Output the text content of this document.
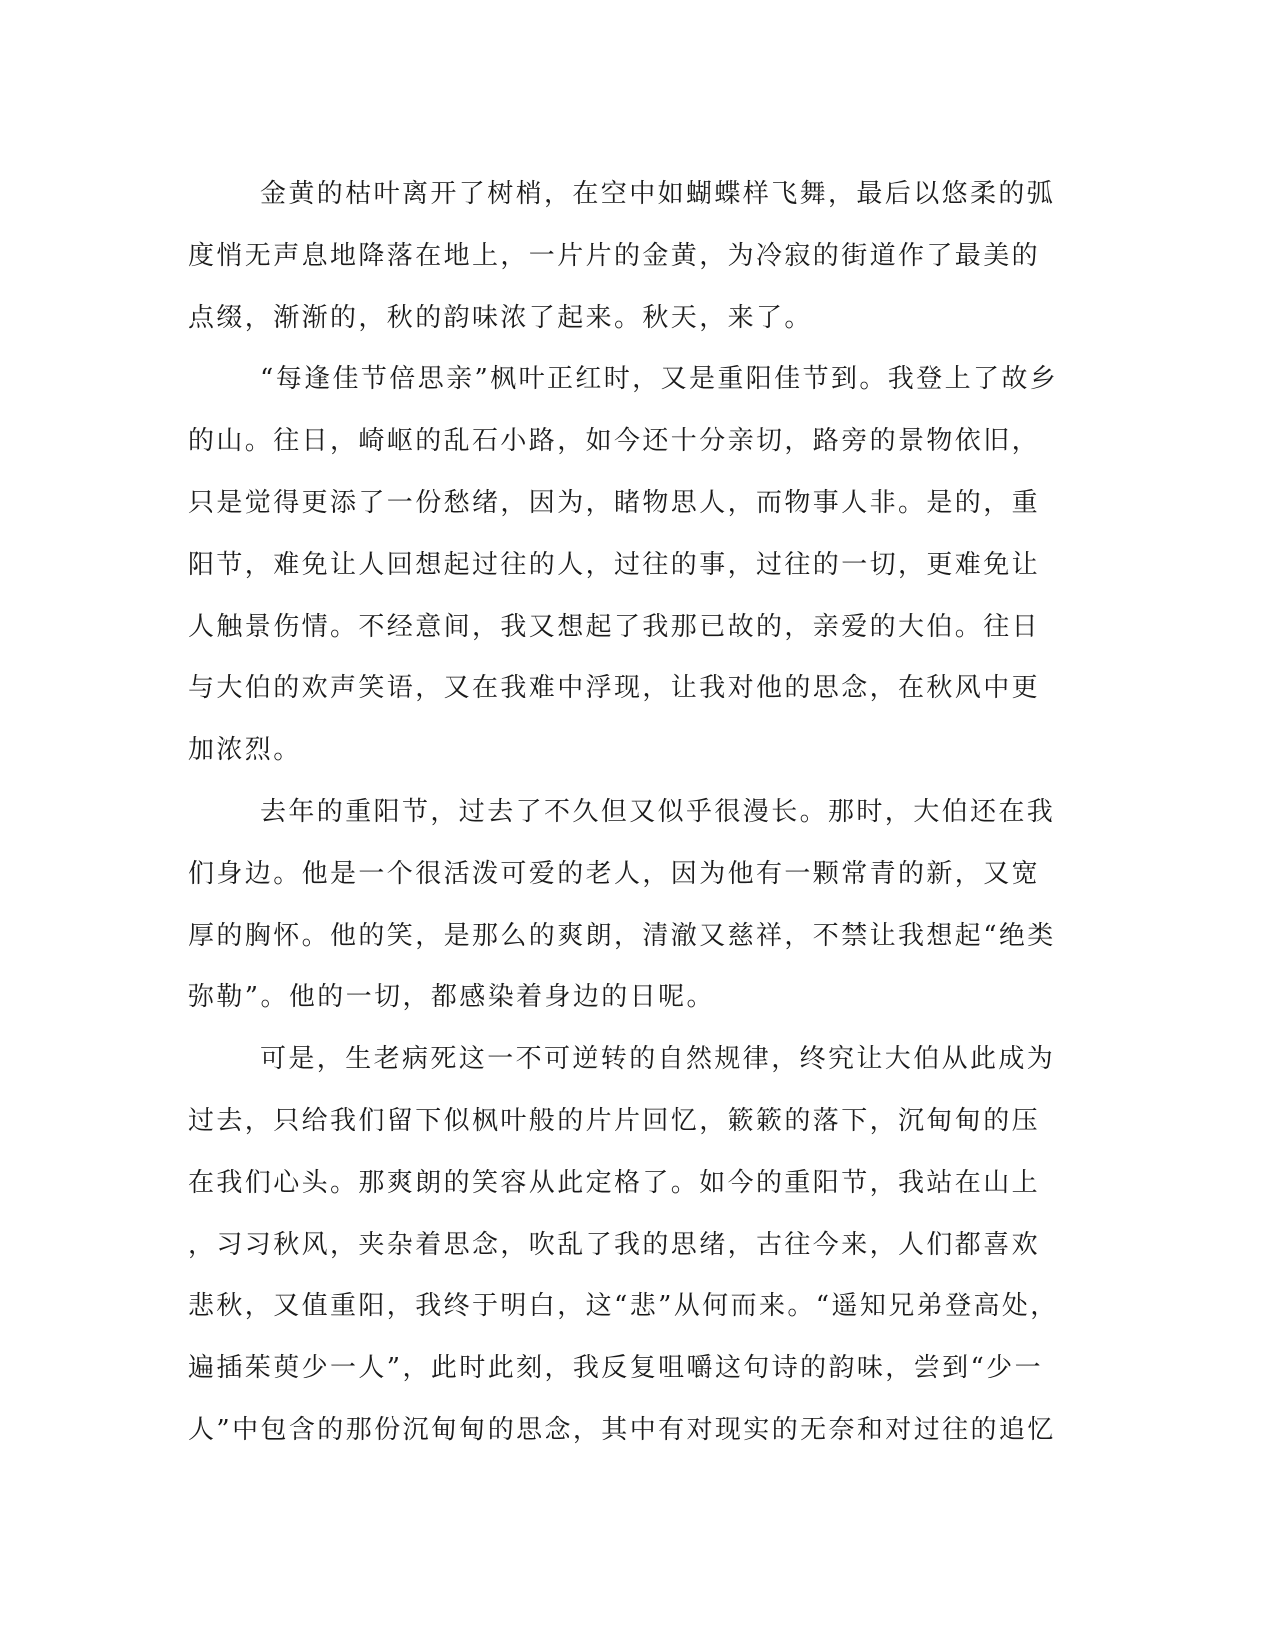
金黄的枯叶离开了树梢，在空中如蝴蝶样飞舞，最后以悠柔的弧
度悄无声息地降落在地上，一片片的金黄，为冷寂的街道作了最美的
点缀，渐渐的，秋的韵味浓了起来。秋天，来了。
“每逢佳节倍思亲”枫叶正红时，又是重阳佳节到。我登上了故乡
的山。往日，崎岖的乱石小路，如今还十分亲切，路旁的景物依旧，
只是觉得更添了一份愁绪，因为，睹物思人，而物事人非。是的，重
阳节，难免让人回想起过往的人，过往的事，过往的一切，更难免让
人触景伤情。不经意间，我又想起了我那已故的，亲爱的大伯。往日
与大伯的欢声笑语，又在我难中浮现，让我对他的思念，在秋风中更
加浓烈。
去年的重阳节，过去了不久但又似乎很漫长。那时，大伯还在我
们身边。他是一个很活泼可爱的老人，因为他有一颗常青的新，又宽
厚的胸怀。他的笑，是那么的爽朗，清澈又慈祥，不禁让我想起“绝类
弥勒”。他的一切，都感染着身边的日呢。
可是，生老病死这一不可逆转的自然规律，终究让大伯从此成为
过去，只给我们留下似枫叶般的片片回忆，簌簌的落下，沉甸甸的压
在我们心头。那爽朗的笑容从此定格了。如今的重阳节，我站在山上
，习习秋风，夹杂着思念，吹乱了我的思绪，古往今来，人们都喜欢
悲秋，又值重阳，我终于明白，这“悲”从何而来。“遥知兄弟登高处，
遍插茱萸少一人”，此时此刻，我反复咀嚼这句诗的韵味，尝到“少一
人”中包含的那份沉甸甸的思念，其中有对现实的无奈和对过往的追忆
